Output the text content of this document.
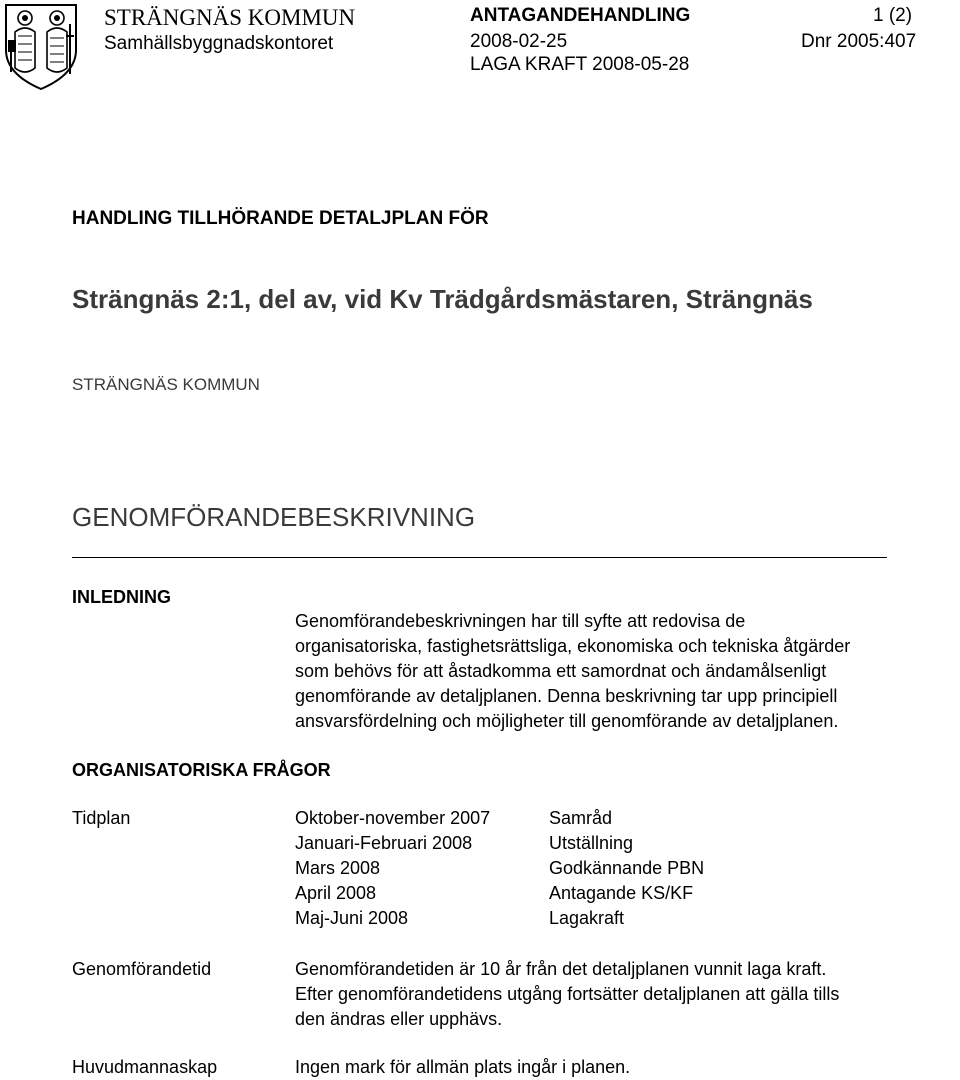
STRÄNGNÄS KOMMUN
Samhällsbyggnadskontoret
ANTAGANDEHANDLING	1 (2)
2008-02-25	Dnr 2005:407
LAGA KRAFT 2008-05-28
HANDLING TILLHÖRANDE DETALJPLAN FÖR
Strängnäs 2:1, del av, vid Kv Trädgårdsmästaren, Strängnäs
STRÄNGNÄS KOMMUN
GENOMFÖRANDEBESKRIVNING
INLEDNING
Genomförandebeskrivningen har till syfte att redovisa de
organisatoriska, fastighetsrättsliga, ekonomiska och tekniska åtgärder
som behövs för att åstadkomma ett samordnat och ändamålsenligt
genomförande av detaljplanen. Denna beskrivning tar upp principiell
ansvarsfördelning och möjligheter till genomförande av detaljplanen.
ORGANISATORISKA FRÅGOR
Tidplan	Oktober-november 2007	Samråd
Januari-Februari 2008	Utställning
Mars 2008	Godkännande PBN
April 2008	Antagande KS/KF
Maj-Juni 2008	Lagakraft
Genomförandetid	Genomförandetiden är 10 år från det detaljplanen vunnit laga kraft.
Efter genomförandetidens utgång fortsätter detaljplanen att gälla tills
den ändras eller upphävs.
Huvudmannaskap	Ingen mark för allmän plats ingår i planen.
